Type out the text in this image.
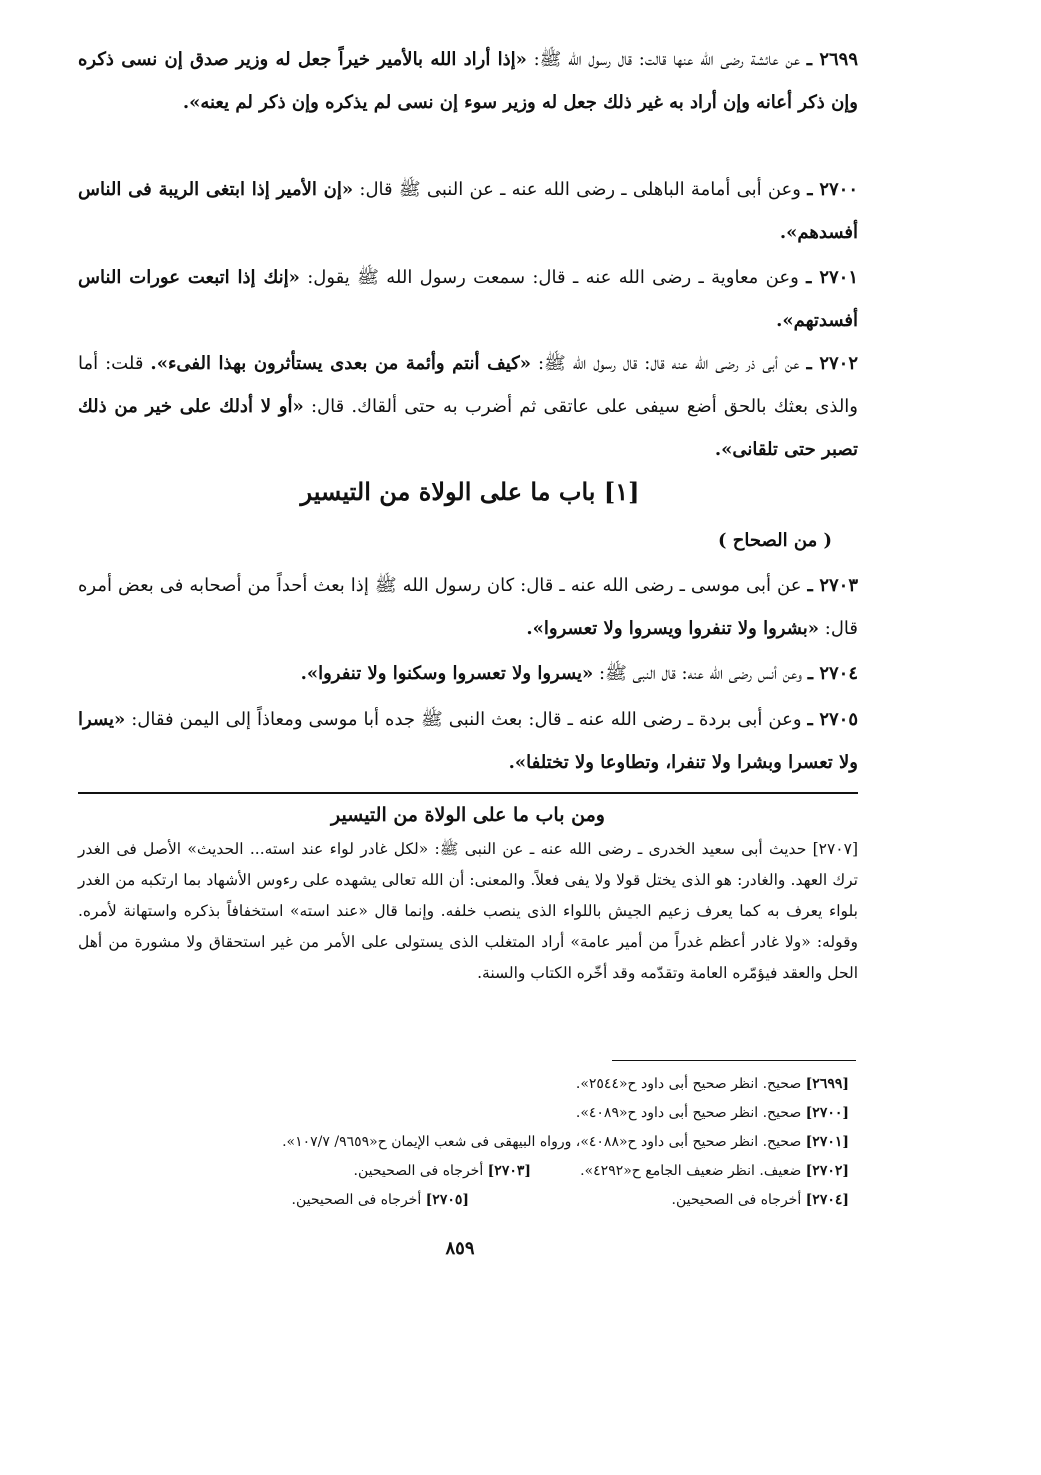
٢٦٩٩ ـ عن عائشة رضى الله عنها قالت: قال رسول الله ﷺ: «إذا أراد الله بالأمير خيراً جعل له وزير صدق إن نسى ذكره وإن ذكر أعانه وإن أراد به غير ذلك جعل له وزير سوء إن نسى لم يذكره وإن ذكر لم يعنه».

٢٧٠٠ ـ وعن أبى أمامة الباهلى ـ رضى الله عنه ـ عن النبى ﷺ قال: «إن الأمير إذا ابتغى الريبة فى الناس أفسدهم».

٢٧٠١ ـ وعن معاوية ـ رضى الله عنه ـ قال: سمعت رسول الله ﷺ يقول: «إنك إذا اتبعت عورات الناس أفسدتهم».

٢٧٠٢ ـ عن أبى ذر رضى الله عنه قال: قال رسول الله ﷺ: «كيف أنتم وأئمة من بعدى يستأثرون بهذا الفىء». قلت: أما والذى بعثك بالحق أضع سيفى على عاتقى ثم أضرب به حتى ألقاك. قال: «أو لا أدلك على خير من ذلك تصبر حتى تلقانى».

[١] باب ما على الولاة من التيسير
( من الصحاح )

٢٧٠٣ ـ عن أبى موسى ـ رضى الله عنه ـ قال: كان رسول الله ﷺ إذا بعث أحداً من أصحابه فى بعض أمره قال: «بشروا ولا تنفروا ويسروا ولا تعسروا».

٢٧٠٤ ـ وعن أنس رضى الله عنه: قال النبى ﷺ: «يسروا ولا تعسروا وسكنوا ولا تنفروا».

٢٧٠٥ ـ وعن أبى بردة ـ رضى الله عنه ـ قال: بعث النبى ﷺ جده أبا موسى ومعاذاً إلى اليمن فقال: «يسرا ولا تعسرا وبشرا ولا تنفرا، وتطاوعا ولا تختلفا».

ومن باب ما على الولاة من التيسير

[٢٧٠٧] حديث أبى سعيد الخدرى ـ رضى الله عنه ـ عن النبى ﷺ: «لكل غادر لواء عند استه... الحديث» الأصل فى الغدر ترك العهد. والغادر: هو الذى يختل قولا ولا يفى فعلاً. والمعنى: أن الله تعالى يشهده على رءوس الأشهاد بما ارتكبه من الغدر بلواء يعرف به كما يعرف زعيم الجيش باللواء الذى ينصب خلفه. وإنما قال «عند استه» استخفافاً بذكره واستهانة لأمره. وقوله: «ولا غادر أعظم غدراً من أمير عامة» أراد المتغلب الذى يستولى على الأمر من غير استحقاق ولا مشورة من أهل الحل والعقد فيؤمّره العامة وتقدّمه وقد أخّره الكتاب والسنة.

[٢٦٩٩] صحيح. انظر صحيح أبى داود ح«٢٥٤٤».
[٢٧٠٠] صحيح. انظر صحيح أبى داود ح«٤٠٨٩».
[٢٧٠١] صحيح. انظر صحيح أبى داود ح«٤٠٨٨»، ورواه البيهقى فى شعب الإيمان ح«٩٦٥٩/ ١٠٧/٧».
[٢٧٠٢] ضعيف. انظر ضعيف الجامع ح«٤٢٩٢».
[٢٧٠٣] أخرجاه فى الصحيحين.
[٢٧٠٤] أخرجاه فى الصحيحين.
[٢٧٠٥] أخرجاه فى الصحيحين.
٨٥٩
